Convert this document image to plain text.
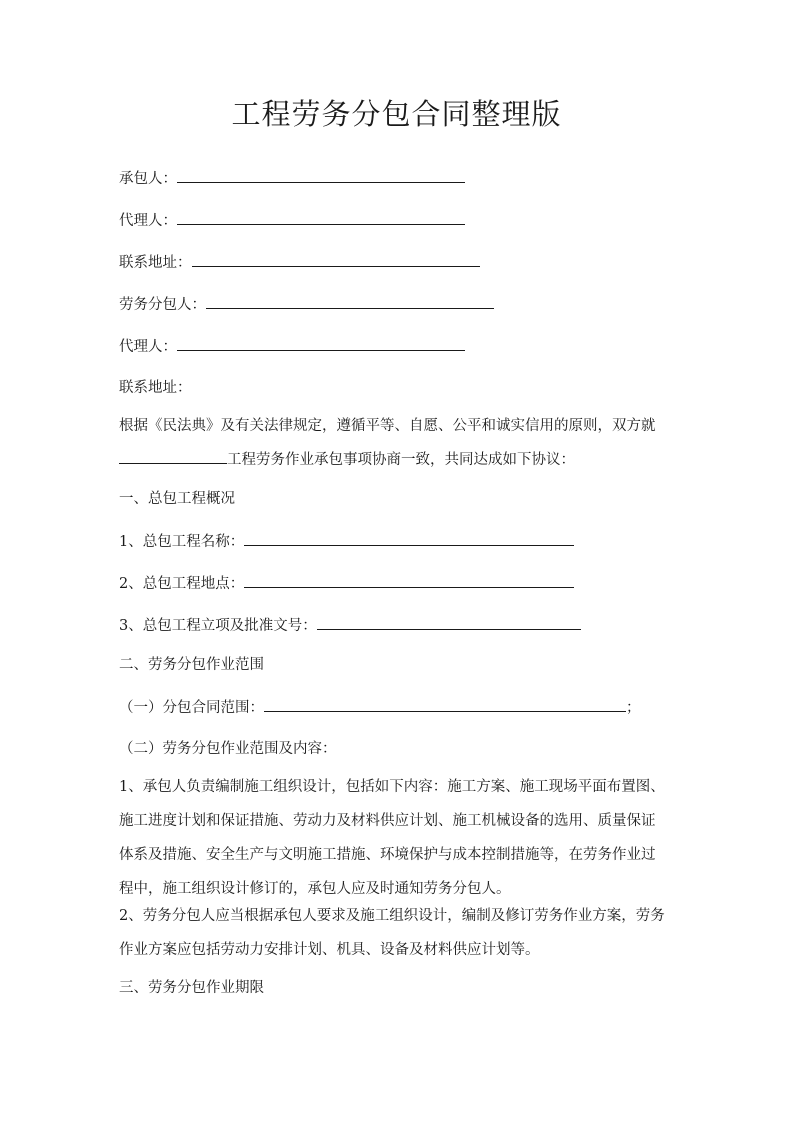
工程劳务分包合同整理版
承包人：
代理人：
联系地址：
劳务分包人：
代理人：
联系地址：
根据《民法典》及有关法律规定，遵循平等、自愿、公平和诚实信用的原则，双方就
工程劳务作业承包事项协商一致，共同达成如下协议：
一、总包工程概况
1、总包工程名称：
2、总包工程地点：
3、总包工程立项及批准文号：
二、劳务分包作业范围
（一）分包合同范围：	；
（二）劳务分包作业范围及内容：
1、承包人负责编制施工组织设计，包括如下内容：施工方案、施工现场平面布置图、
施工进度计划和保证措施、劳动力及材料供应计划、施工机械设备的选用、质量保证
体系及措施、安全生产与文明施工措施、环境保护与成本控制措施等，在劳务作业过
程中，施工组织设计修订的，承包人应及时通知劳务分包人。
2、劳务分包人应当根据承包人要求及施工组织设计，编制及修订劳务作业方案，劳务
作业方案应包括劳动力安排计划、机具、设备及材料供应计划等。
三、劳务分包作业期限
